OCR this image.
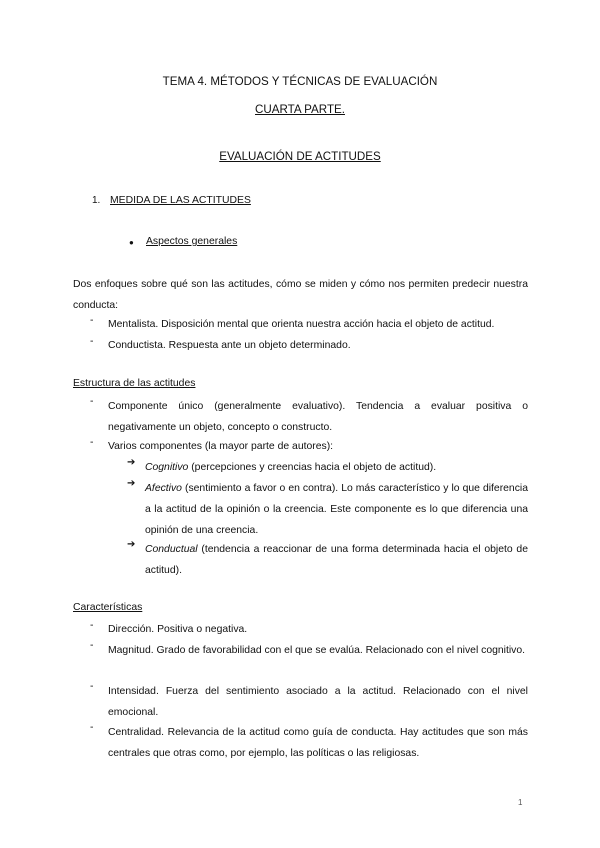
TEMA 4. MÉTODOS Y TÉCNICAS DE EVALUACIÓN
CUARTA PARTE.
EVALUACIÓN DE ACTITUDES
1. MEDIDA DE LAS ACTITUDES
● Aspectos generales
Dos enfoques sobre qué son las actitudes, cómo se miden y cómo nos permiten predecir nuestra conducta:
-	Mentalista. Disposición mental que orienta nuestra acción hacia el objeto de actitud.
-	Conductista. Respuesta ante un objeto determinado.
Estructura de las actitudes
-	Componente único (generalmente evaluativo). Tendencia a evaluar positiva o negativamente un objeto, concepto o constructo.
-	Varios componentes (la mayor parte de autores):
➔ Cognitivo (percepciones y creencias hacia el objeto de actitud).
➔ Afectivo (sentimiento a favor o en contra). Lo más característico y lo que diferencia a la actitud de la opinión o la creencia. Este componente es lo que diferencia una opinión de una creencia.
➔ Conductual (tendencia a reaccionar de una forma determinada hacia el objeto de actitud).
Características
-	Dirección. Positiva o negativa.
-	Magnitud. Grado de favorabilidad con el que se evalúa. Relacionado con el nivel cognitivo.
-	Intensidad. Fuerza del sentimiento asociado a la actitud. Relacionado con el nivel emocional.
-	Centralidad. Relevancia de la actitud como guía de conducta. Hay actitudes que son más centrales que otras como, por ejemplo, las políticas o las religiosas.
1
